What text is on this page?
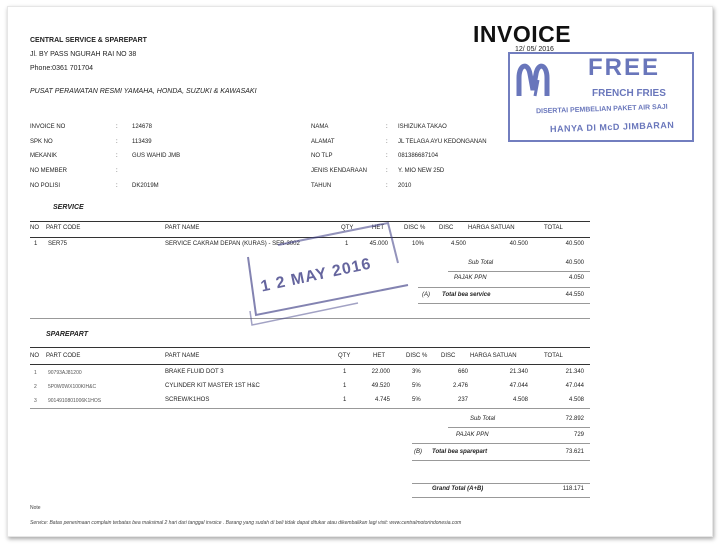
CENTRAL SERVICE & SPAREPART
Jl. BY PASS NGURAH RAI NO 38
Phone:0361 701704
PUSAT PERAWATAN RESMI YAMAHA, HONDA, SUZUKI & KAWASAKI
INVOICE
12/ 05/ 2016
INVOICE NO	: 124678
SPK NO	: 113439
MEKANIK	: GUS WAHID JMB
NO MEMBER	:
NO POLISI	: DK2019M
NAMA	: ISHIZUKA TAKAO
ALAMAT	: JL TELAGA AYU KEDONGANAN
NO TLP	: 081386687104
JENIS KENDARAAN	: Y. MIO NEW 25D
TAHUN	: 2010
SERVICE
NO PART CODE	PART NAME	QTY	HET	DISC % DISC HARGA SATUAN	TOTAL
1 SER75	SERVICE CAKRAM DEPAN (KURAS) - SER-3002	1	45.000	10%	4.500	40.500	40.500
Sub Total	40.500
PAJAK PPN	4.050
(A) Total bea service	44.550
SPAREPART
NO PART CODE	PART NAME	QTY	HET	DISC % DISC HARGA SATUAN	TOTAL
1 90793AJ81200	BRAKE FLUID DOT 3	1	22.000	3%	660	21.340	21.340
2 5P0W0WX100KIH&C	CYLINDER KIT MASTER 1ST H&C	1	49.520	5%	2.476	47.044	47.044
3 9014910801006K1HOS	SCREW/K1HOS	1	4.745	5%	237	4.508	4.508
Sub Total	72.892
PAJAK PPN	729
(B) Total bea sparepart	73.621
Grand Total (A+B)	118.171
Note
Service: Batas penerimaan complain terbatas bea maksimal 2 hari dari tanggal invoice . Barang yang sudah di beli tidak dapat ditukar atau dikembalikan lagi visit: www.centralmotorindonesia.com
FREE
FRENCH FRIES
DISERTAI PEMBELIAN PAKET AIR SAJI
HANYA DI McD JIMBARAN
1 2 MAY 2016
